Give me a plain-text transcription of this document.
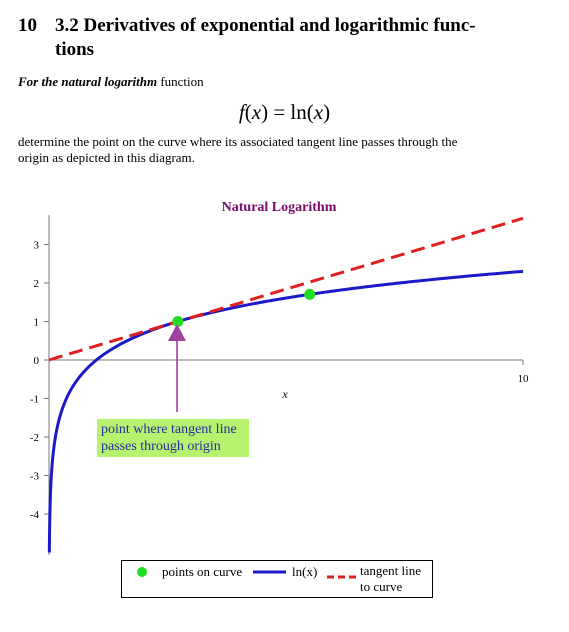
10 3.2 Derivatives of exponential and logarithmic func-
tions
For the natural logarithm function
f(x) = ln(x)
determine the point on the curve where its associated tangent line passes through the origin as depicted in this diagram.
Natural Logarithm
3
2
1
0
-1
-2
-3
-4
10
x
point where tangent line passes through origin
points on curve	ln(x)	tangent line
to curve
